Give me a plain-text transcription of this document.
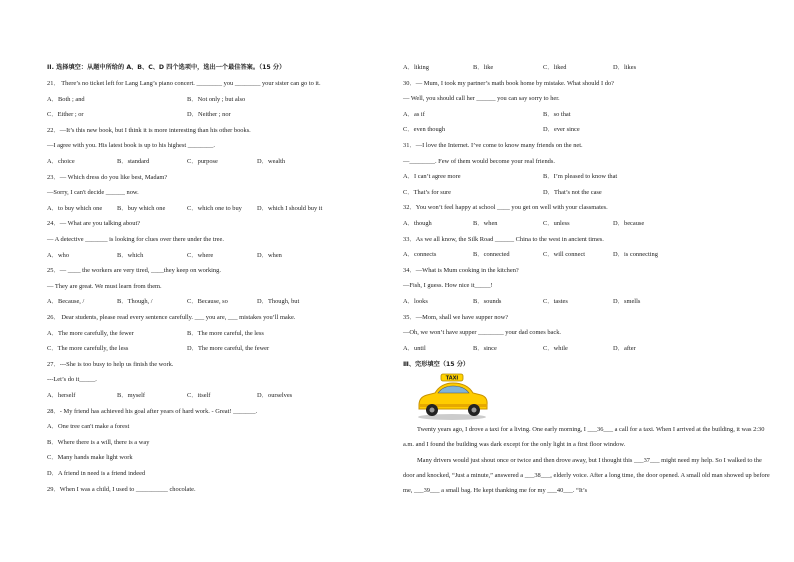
II. 选择填空：从题中所给的 A、B、C、D 四个选项中，选出一个最佳答案。（15 分）
21． There’s no ticket left for Lang Lang’s piano concert. ________ you ________ your sister can go to it.
A．Both ; and	B．Not only ; but also
C．Either ; or	D．Neither ; nor
22．—It’s this new book, but I think it is more interesting than his other books.
—I agree with you. His latest book is up to his highest ________.
A．choice	B．standard	C．purpose	D．wealth
23．— Which dress do you like best, Madam?
—Sorry, I can't decide ______ now.
A．to buy which one B．buy which one	C．which one to buy D．which I should buy it
24．— What are you talking about?
— A detective _______ is looking for clues over there under the tree.
A．who	B．which	C．where	D．when
25．— ____ the workers are very tired, ____they keep on working.
— They are great. We must learn from them.
A．Because, /	B．Though, /	C．Because, so	D．Though, but
26． Dear students, please read every sentence carefully. ___ you are, ___ mistakes you’ll make.
A．The more carefully, the fewer	B．The more careful, the less
C．The more carefully, the less	D．The more careful, the fewer
27．---She is too busy to help us finish the work.
---Let’s do it_____.
A．herself	B．myself	C．itself	D．ourselves
28．- My friend has achieved his goal after years of hard work. - Great! _______.
A．One tree can't make a forest
B．Where there is a will, there is a way
C．Many hands make light work
D．A friend in need is a friend indeed
29．When I was a child, I used to __________ chocolate.
A．liking	B．like	C．liked	D．likes
30．— Mum, I took my partner’s math book home by mistake. What should I do?
— Well, you should call her ______ you can say sorry to her.
A．as if	B．so that
C．even though	D．ever since
31．—I love the Internet. I’ve come to know many friends on the net.
—________. Few of them would become your real friends.
A．I can’t agree more	B．I’m pleased to know that
C．That’s for sure	D．That’s not the case
32．You won’t feel happy at school ____ you get on well with your classmates.
A．though	B．when	C．unless	D．because
33．As we all know, the Silk Road ______ China to the west in ancient times.
A．connects	B．connected	C．will connect	D．is connecting
34．—What is Mum cooking in the kitchen?
—Fish, I guess. How nice it_____!
A．looks	B．sounds	C．tastes	D．smells
35．—Mom, shall we have supper now?
—Oh, we won’t have supper ________ your dad comes back.
A．until	B．since	C．while	D．after
Ⅲ、完形填空（15 分）
TAXI

Twenty years ago, I drove a taxi for a living. One early morning, I ___36___ a call for a taxi. When I arrived at the building, it was 2:30 a.m. and I found the building was dark except for the only light in a first floor window.

Many drivers would just shout once or twice and then drove away, but I thought this ___37___ might need my help. So I walked to the door and knocked, “Just a minute,” answered a ___38___, elderly voice. After a long time, the door opened. A small old man showed up before me, ___39___ a small bag. He kept thanking me for my ___40___. “It’s
